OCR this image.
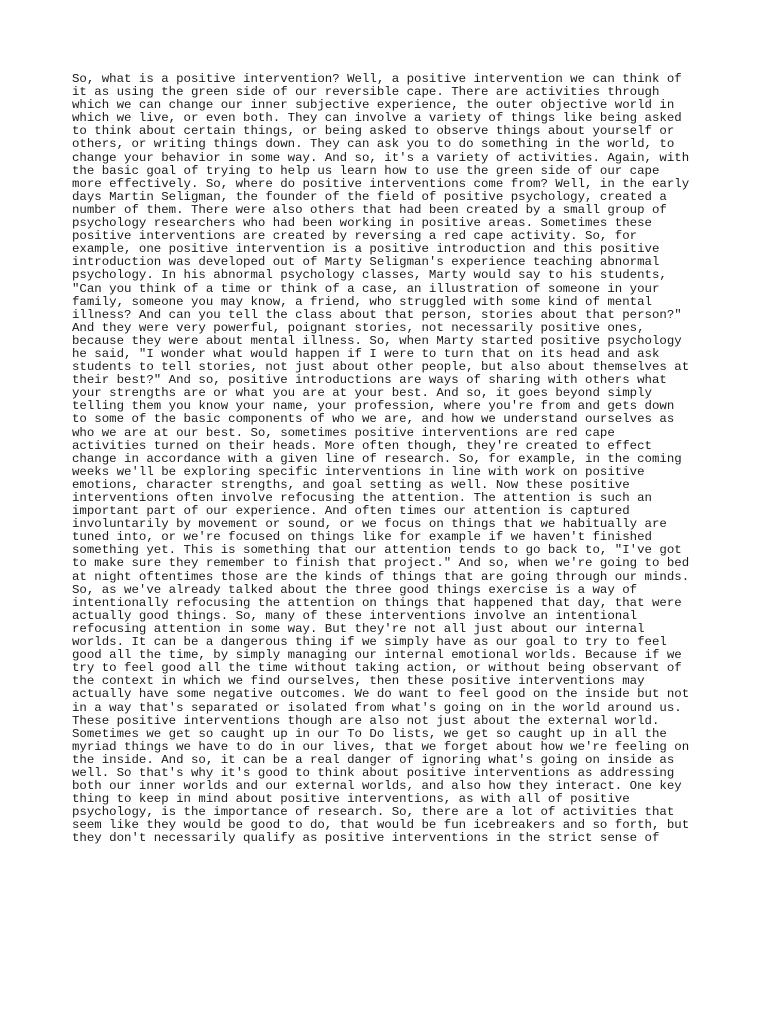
So, what is a positive intervention? Well, a positive intervention we can think of
it as using the green side of our reversible cape. There are activities through
which we can change our inner subjective experience, the outer objective world in
which we live, or even both. They can involve a variety of things like being asked
to think about certain things, or being asked to observe things about yourself or
others, or writing things down. They can ask you to do something in the world, to
change your behavior in some way. And so, it's a variety of activities. Again, with
the basic goal of trying to help us learn how to use the green side of our cape
more effectively. So, where do positive interventions come from? Well, in the early
days Martin Seligman, the founder of the field of positive psychology, created a
number of them. There were also others that had been created by a small group of
psychology researchers who had been working in positive areas. Sometimes these
positive interventions are created by reversing a red cape activity. So, for
example, one positive intervention is a positive introduction and this positive
introduction was developed out of Marty Seligman's experience teaching abnormal
psychology. In his abnormal psychology classes, Marty would say to his students,
"Can you think of a time or think of a case, an illustration of someone in your
family, someone you may know, a friend, who struggled with some kind of mental
illness? And can you tell the class about that person, stories about that person?"
And they were very powerful, poignant stories, not necessarily positive ones,
because they were about mental illness. So, when Marty started positive psychology
he said, "I wonder what would happen if I were to turn that on its head and ask
students to tell stories, not just about other people, but also about themselves at
their best?" And so, positive introductions are ways of sharing with others what
your strengths are or what you are at your best. And so, it goes beyond simply
telling them you know your name, your profession, where you're from and gets down
to some of the basic components of who we are, and how we understand ourselves as
who we are at our best. So, sometimes positive interventions are red cape
activities turned on their heads. More often though, they're created to effect
change in accordance with a given line of research. So, for example, in the coming
weeks we'll be exploring specific interventions in line with work on positive
emotions, character strengths, and goal setting as well. Now these positive
interventions often involve refocusing the attention. The attention is such an
important part of our experience. And often times our attention is captured
involuntarily by movement or sound, or we focus on things that we habitually are
tuned into, or we're focused on things like for example if we haven't finished
something yet. This is something that our attention tends to go back to, "I've got
to make sure they remember to finish that project." And so, when we're going to bed
at night oftentimes those are the kinds of things that are going through our minds.
So, as we've already talked about the three good things exercise is a way of
intentionally refocusing the attention on things that happened that day, that were
actually good things. So, many of these interventions involve an intentional
refocusing attention in some way. But they're not all just about our internal
worlds. It can be a dangerous thing if we simply have as our goal to try to feel
good all the time, by simply managing our internal emotional worlds. Because if we
try to feel good all the time without taking action, or without being observant of
the context in which we find ourselves, then these positive interventions may
actually have some negative outcomes. We do want to feel good on the inside but not
in a way that's separated or isolated from what's going on in the world around us.
These positive interventions though are also not just about the external world.
Sometimes we get so caught up in our To Do lists, we get so caught up in all the
myriad things we have to do in our lives, that we forget about how we're feeling on
the inside. And so, it can be a real danger of ignoring what's going on inside as
well. So that's why it's good to think about positive interventions as addressing
both our inner worlds and our external worlds, and also how they interact. One key
thing to keep in mind about positive interventions, as with all of positive
psychology, is the importance of research. So, there are a lot of activities that
seem like they would be good to do, that would be fun icebreakers and so forth, but
they don't necessarily qualify as positive interventions in the strict sense of
